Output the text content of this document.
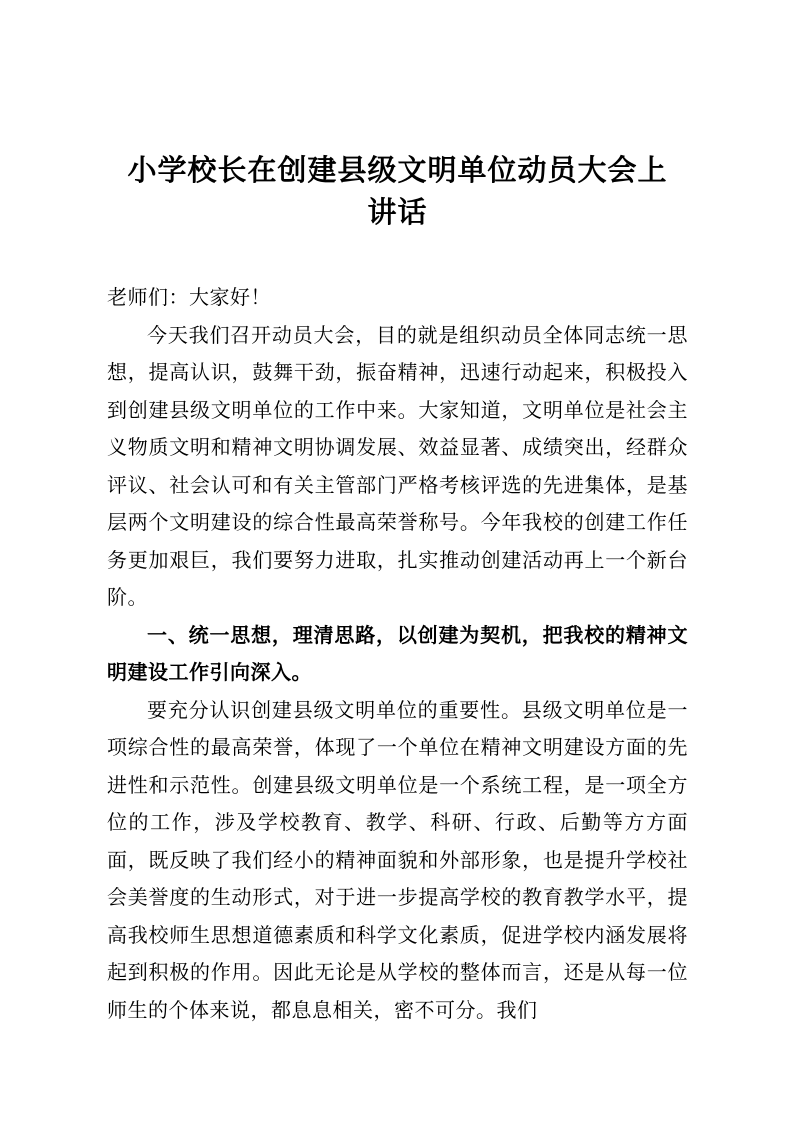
小学校长在创建县级文明单位动员大会上讲话

老师们：大家好！

今天我们召开动员大会，目的就是组织动员全体同志统一思想，提高认识，鼓舞干劲，振奋精神，迅速行动起来，积极投入到创建县级文明单位的工作中来。大家知道，文明单位是社会主义物质文明和精神文明协调发展、效益显著、成绩突出，经群众评议、社会认可和有关主管部门严格考核评选的先进集体，是基层两个文明建设的综合性最高荣誉称号。今年我校的创建工作任务更加艰巨，我们要努力进取，扎实推动创建活动再上一个新台阶。

一、统一思想，理清思路，以创建为契机，把我校的精神文明建设工作引向深入。

要充分认识创建县级文明单位的重要性。县级文明单位是一项综合性的最高荣誉，体现了一个单位在精神文明建设方面的先进性和示范性。创建县级文明单位是一个系统工程，是一项全方位的工作，涉及学校教育、教学、科研、行政、后勤等方方面面，既反映了我们经小的精神面貌和外部形象，也是提升学校社会美誉度的生动形式，对于进一步提高学校的教育教学水平，提高我校师生思想道德素质和科学文化素质，促进学校内涵发展将起到积极的作用。因此无论是从学校的整体而言，还是从每一位师生的个体来说，都息息相关，密不可分。我们
